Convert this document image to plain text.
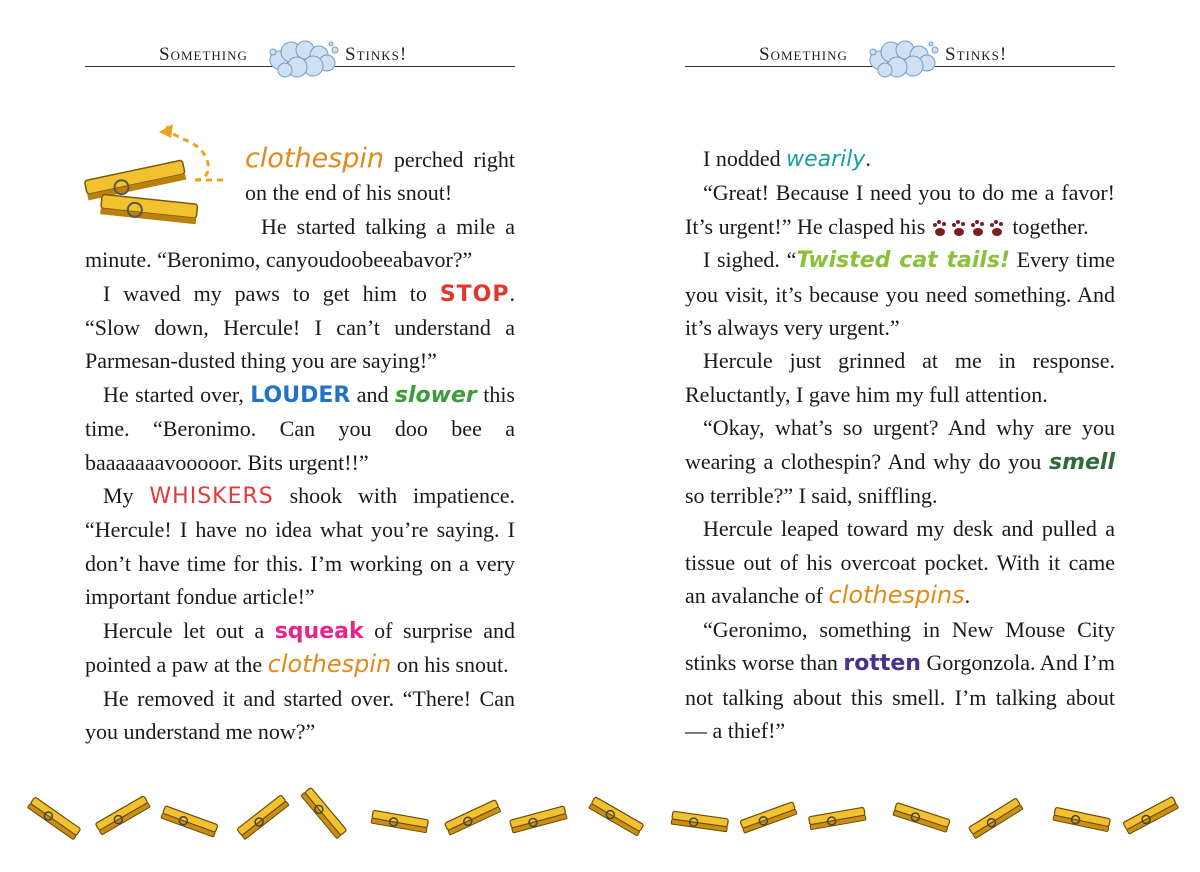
Something	Stinks!

clothespin perched right on the end of his snout!

He started talking a mile a minute. “Beronimo, canyoudoobeeabavor?”

I waved my paws to get him to STOP. “Slow down, Hercule! I can’t understand a Parmesan-dusted thing you are saying!”

He started over, LOUDER and slower this time. “Beronimo. Can you doo bee a baaaaaaavooooor. Bits urgent!!”

My WHISKERS shook with impatience. “Hercule! I have no idea what you’re saying. I don’t have time for this. I’m working on a very important fondue article!”

Hercule let out a squeak of surprise and pointed a paw at the clothespin on his snout.

He removed it and started over. “There! Can you understand me now?”

Something	Stinks!

I nodded wearily.

“Great! Because I need you to do me a favor! It’s urgent!” He clasped his	together.

I sighed. “Twisted cat tails! Every time you visit, it’s because you need something. And it’s always very urgent.”

Hercule just grinned at me in response. Reluctantly, I gave him my full attention.

“Okay, what’s so urgent? And why are you wearing a clothespin? And why do you smell so terrible?” I said, sniffling.

Hercule leaped toward my desk and pulled a tissue out of his overcoat pocket. With it came an avalanche of clothespins.

“Geronimo, something in New Mouse City stinks worse than rotten Gorgonzola. And I’m not talking about this smell. I’m talking about — a thief!”
